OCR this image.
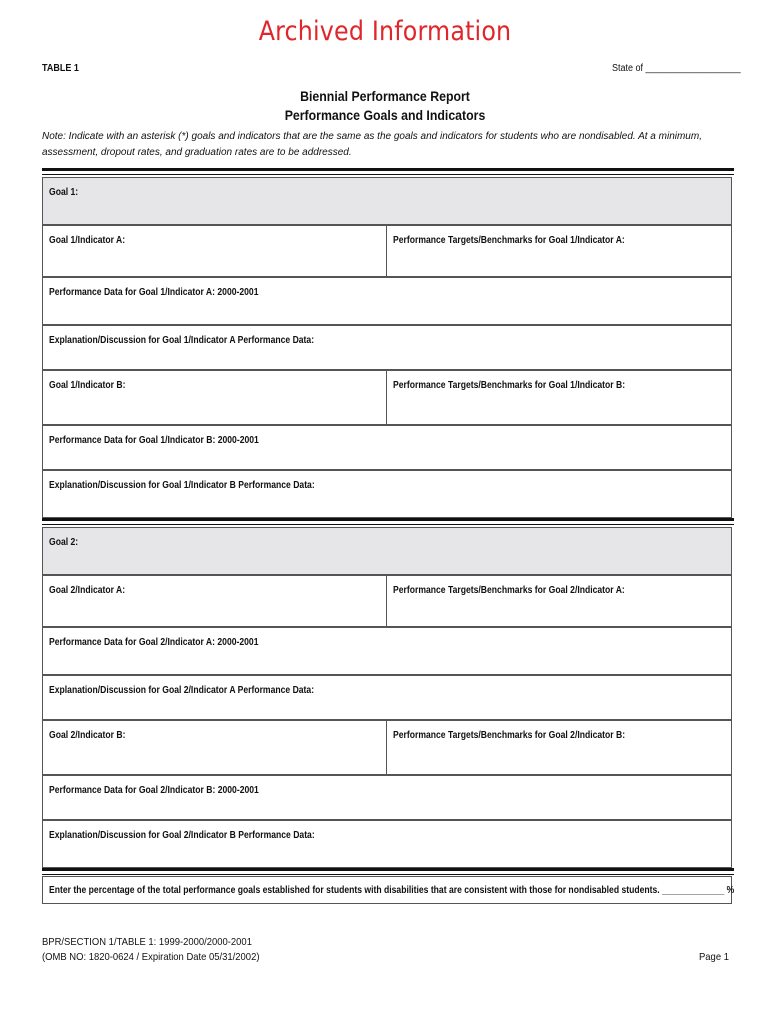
Archived Information
TABLE 1	State of ___________________
Biennial Performance Report
Performance Goals and Indicators
Note: Indicate with an asterisk (*) goals and indicators that are the same as the goals and indicators for students who are nondisabled. At a minimum, assessment, dropout rates, and graduation rates are to be addressed.
Goal 1:
Goal 1/Indicator A:	Performance Targets/Benchmarks for Goal 1/Indicator A:
Performance Data for Goal 1/Indicator A: 2000-2001
Explanation/Discussion for Goal 1/Indicator A Performance Data:
Goal 1/Indicator B:	Performance Targets/Benchmarks for Goal 1/Indicator B:
Performance Data for Goal 1/Indicator B: 2000-2001
Explanation/Discussion for Goal 1/Indicator B Performance Data:
Goal 2:
Goal 2/Indicator A:	Performance Targets/Benchmarks for Goal 2/Indicator A:
Performance Data for Goal 2/Indicator A: 2000-2001
Explanation/Discussion for Goal 2/Indicator A Performance Data:
Goal 2/Indicator B:	Performance Targets/Benchmarks for Goal 2/Indicator B:
Performance Data for Goal 2/Indicator B: 2000-2001
Explanation/Discussion for Goal 2/Indicator B Performance Data:
Enter the percentage of the total performance goals established for students with disabilities that are consistent with those for nondisabled students. _____________ %
BPR/SECTION 1/TABLE 1: 1999-2000/2000-2001
(OMB NO: 1820-0624 / Expiration Date 05/31/2002)	Page 1
